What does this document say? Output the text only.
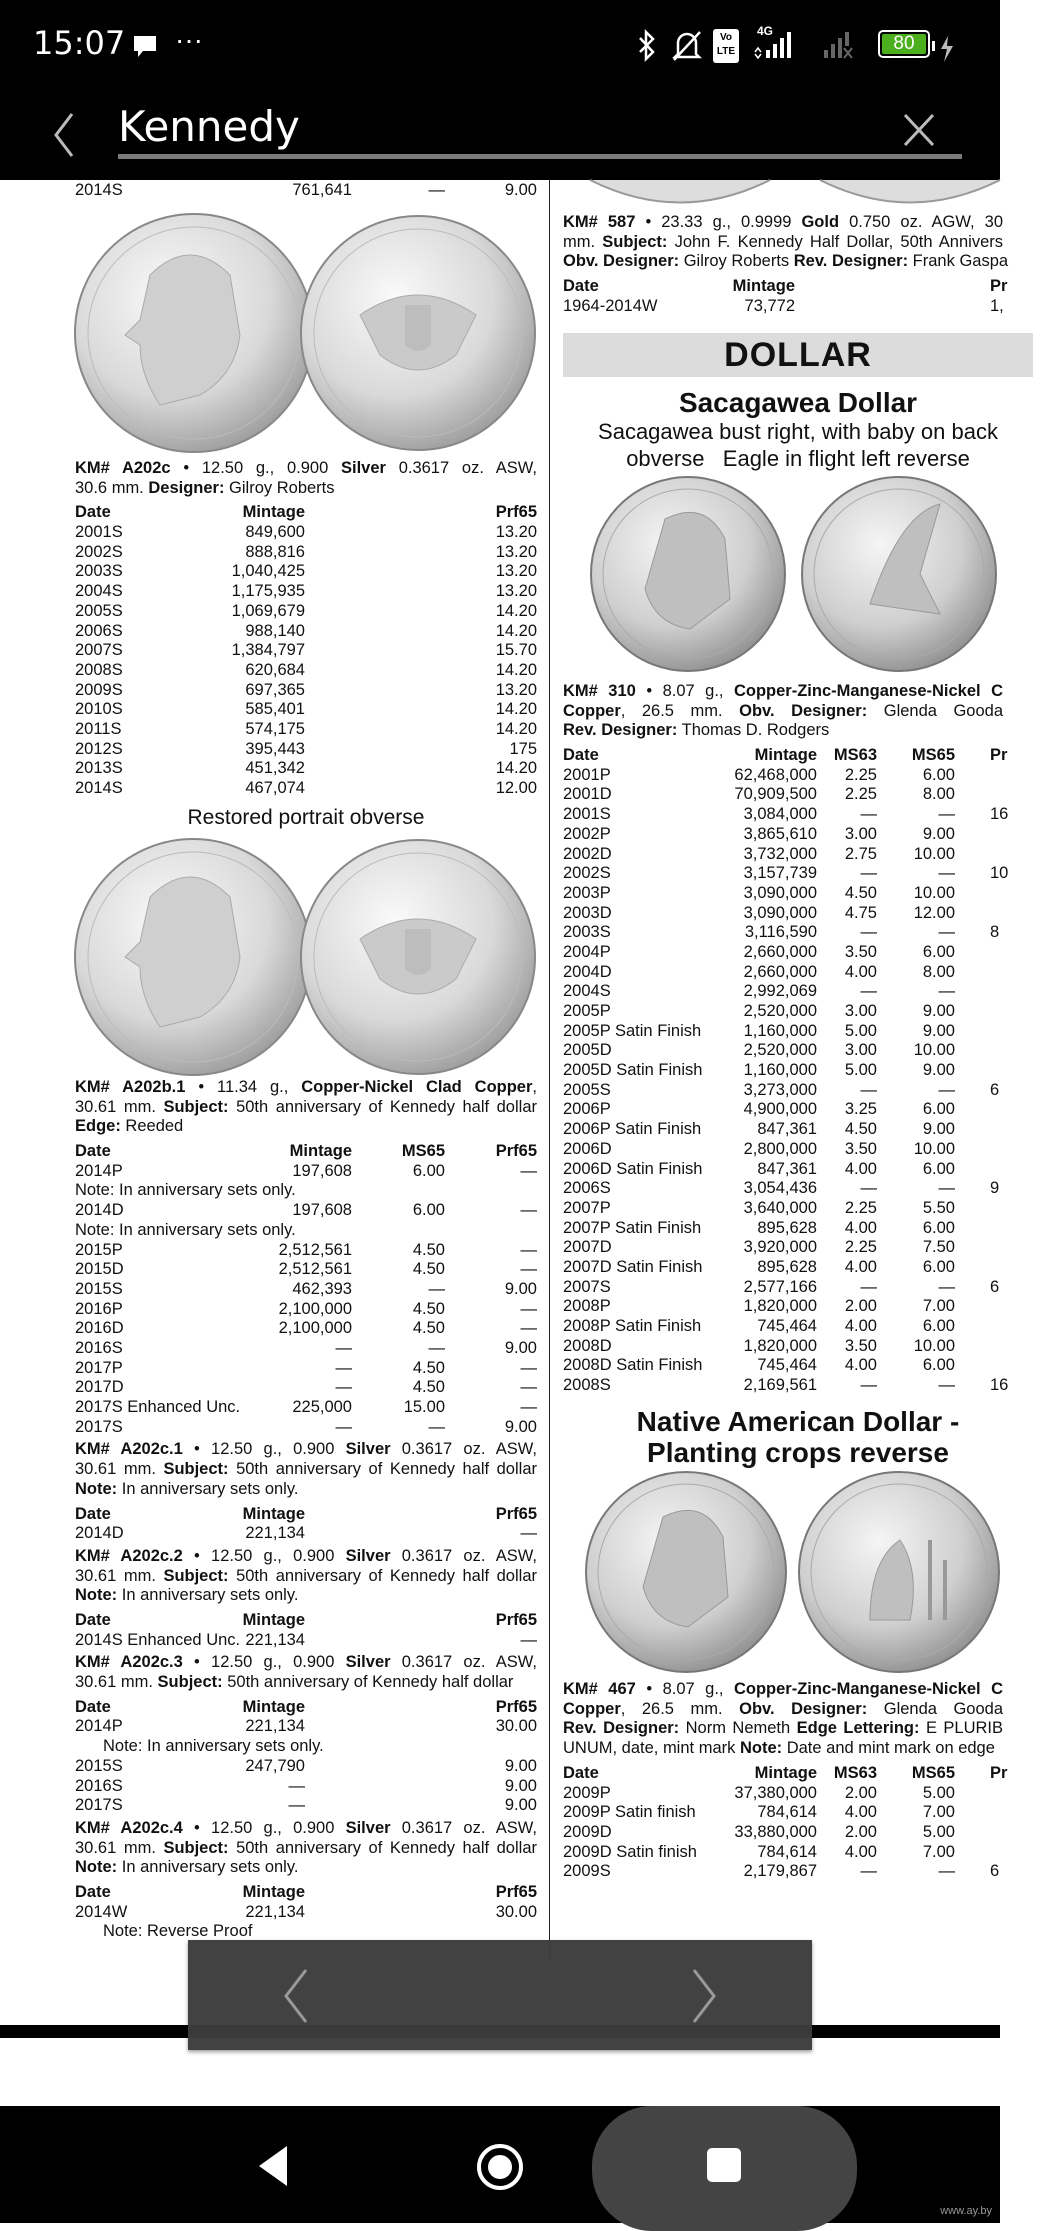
15:07 ···	Vo
LTE
4G
80
Kennedy
2014S	761,641	—	9.00
KM# A202c • 12.50 g., 0.900 Silver 0.3617 oz. ASW,
30.6 mm. Designer: Gilroy Roberts
Date	Mintage	Prf65
2001S	849,600	13.20
2002S	888,816	13.20
2003S	1,040,425	13.20
2004S	1,175,935	13.20
2005S	1,069,679	14.20
2006S	988,140	14.20
2007S	1,384,797	15.70
2008S	620,684	14.20
2009S	697,365	13.20
2010S	585,401	14.20
2011S	574,175	14.20
2012S	395,443	175
2013S	451,342	14.20
2014S	467,074	12.00
Restored portrait obverse
KM# A202b.1 • 11.34 g., Copper-Nickel Clad Copper,
30.61 mm. Subject: 50th anniversary of Kennedy half dollar
Edge: Reeded
Date	Mintage	MS65	Prf65
2014P	197,608	6.00	—
Note: In anniversary sets only.
2014D	197,608	6.00	—
Note: In anniversary sets only.
2015P	2,512,561	4.50	—
2015D	2,512,561	4.50	—
2015S	462,393	—	9.00
2016P	2,100,000	4.50	—
2016D	2,100,000	4.50	—
2016S	—	—	9.00
2017P	—	4.50	—
2017D	—	4.50	—
2017S Enhanced Unc.	225,000	15.00	—
2017S	—	—	9.00
KM# A202c.1 • 12.50 g., 0.900 Silver 0.3617 oz. ASW,
30.61 mm. Subject: 50th anniversary of Kennedy half dollar
Note: In anniversary sets only.
Date	Mintage	Prf65
2014D	221,134	—
KM# A202c.2 • 12.50 g., 0.900 Silver 0.3617 oz. ASW,
30.61 mm. Subject: 50th anniversary of Kennedy half dollar
Note: In anniversary sets only.
Date	Mintage	Prf65
2014S Enhanced Unc. 221,134	—
KM# A202c.3 • 12.50 g., 0.900 Silver 0.3617 oz. ASW,
30.61 mm. Subject: 50th anniversary of Kennedy half dollar
Date	Mintage	Prf65
2014P	221,134	30.00
Note: In anniversary sets only.
2015S	247,790	9.00
2016S	—	9.00
2017S	—	9.00
KM# A202c.4 • 12.50 g., 0.900 Silver 0.3617 oz. ASW,
30.61 mm. Subject: 50th anniversary of Kennedy half dollar
Note: In anniversary sets only.
Date	Mintage	Prf65
2014W	221,134	30.00
Note: Reverse Proof
KM# 587 • 23.33 g., 0.9999 Gold 0.750 oz. AGW, 30
mm. Subject: John F. Kennedy Half Dollar, 50th Annivers
Obv. Designer: Gilroy Roberts Rev. Designer: Frank Gaspa
Date	Mintage	Pr
1964-2014W	73,772	1,
DOLLAR
Sacagawea Dollar
Sacagawea bust right, with baby on back
obverse   Eagle in flight left reverse
KM# 310 • 8.07 g., Copper-Zinc-Manganese-Nickel C
Copper, 26.5 mm. Obv. Designer: Glenda Gooda
Rev. Designer: Thomas D. Rodgers
Date	Mintage	MS63	MS65 Pr
2001P	62,468,000	2.25	6.00
2001D	70,909,500	2.25	8.00
2001S	3,084,000	—	— 16
2002P	3,865,610	3.00	9.00
2002D	3,732,000	2.75	10.00
2002S	3,157,739	—	— 10
2003P	3,090,000	4.50	10.00
2003D	3,090,000	4.75	12.00
2003S	3,116,590	—	— 8
2004P	2,660,000	3.50	6.00
2004D	2,660,000	4.00	8.00
2004S	2,992,069	—	—
2005P	2,520,000	3.00	9.00
2005P Satin Finish	1,160,000	5.00	9.00
2005D	2,520,000	3.00	10.00
2005D Satin Finish	1,160,000	5.00	9.00
2005S	3,273,000	—	— 6
2006P	4,900,000	3.25	6.00
2006P Satin Finish	847,361	4.50	9.00
2006D	2,800,000	3.50	10.00
2006D Satin Finish	847,361	4.00	6.00
2006S	3,054,436	—	— 9
2007P	3,640,000	2.25	5.50
2007P Satin Finish	895,628	4.00	6.00
2007D	3,920,000	2.25	7.50
2007D Satin Finish	895,628	4.00	6.00
2007S	2,577,166	—	— 6
2008P	1,820,000	2.00	7.00
2008P Satin Finish	745,464	4.00	6.00
2008D	1,820,000	3.50	10.00
2008D Satin Finish	745,464	4.00	6.00
2008S	2,169,561	—	— 16
Native American Dollar -
Planting crops reverse
KM# 467 • 8.07 g., Copper-Zinc-Manganese-Nickel C
Copper, 26.5 mm. Obv. Designer: Glenda Gooda
Rev. Designer: Norm Nemeth Edge Lettering: E PLURIB
UNUM, date, mint mark Note: Date and mint mark on edge
Date	Mintage	MS63	MS65 Pr
2009P	37,380,000	2.00	5.00
2009P Satin finish	784,614	4.00	7.00
2009D	33,880,000	2.00	5.00
2009D Satin finish	784,614	4.00	7.00
2009S	2,179,867	—	— 6
www.ay.by
